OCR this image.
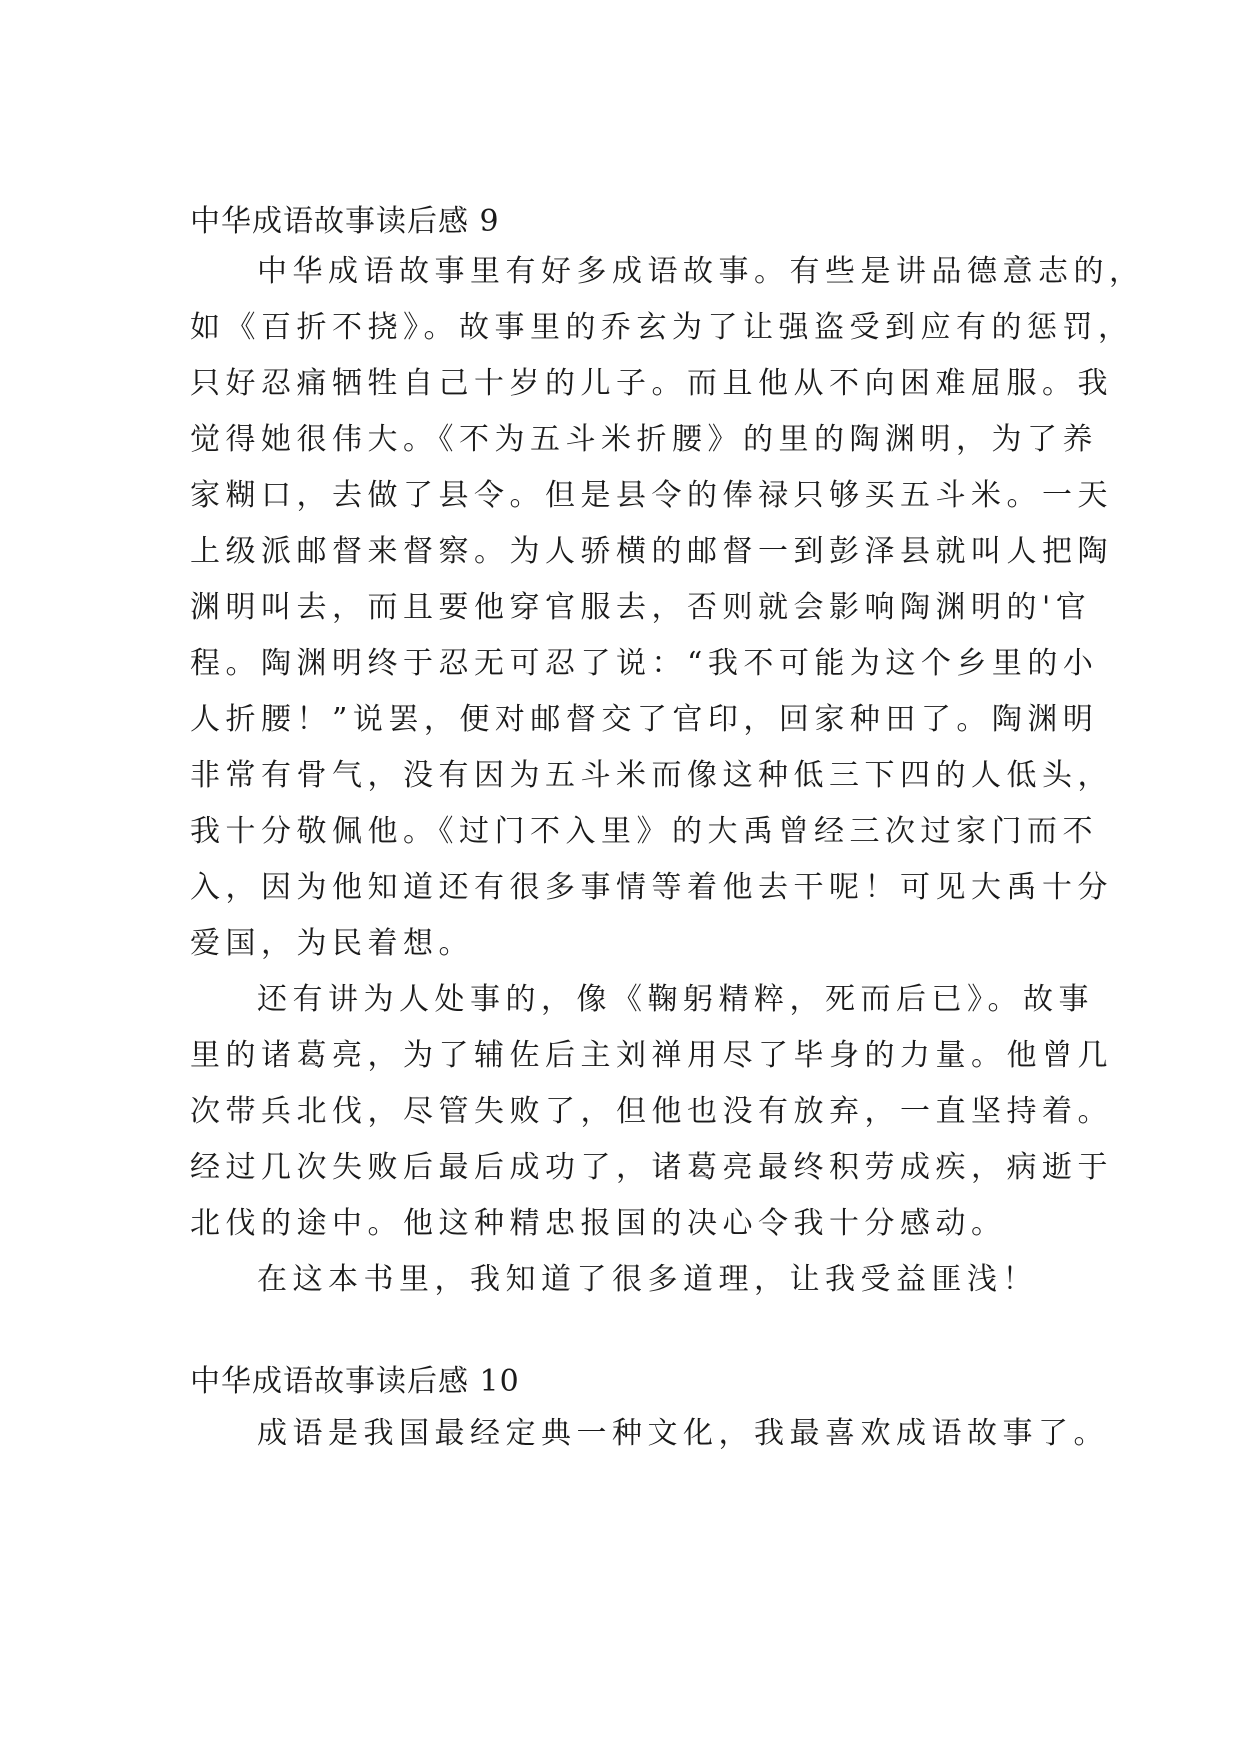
中华成语故事读后感 9
中华成语故事里有好多成语故事。有些是讲品德意志的，
如《百折不挠》。故事里的乔玄为了让强盗受到应有的惩罚，
只好忍痛牺牲自己十岁的儿子。而且他从不向困难屈服。我
觉得她很伟大。《不为五斗米折腰》的里的陶渊明，为了养
家糊口，去做了县令。但是县令的俸禄只够买五斗米。一天
上级派邮督来督察。为人骄横的邮督一到彭泽县就叫人把陶
渊明叫去，而且要他穿官服去，否则就会影响陶渊明的'官
程。陶渊明终于忍无可忍了说：“我不可能为这个乡里的小
人折腰！”说罢，便对邮督交了官印，回家种田了。陶渊明
非常有骨气，没有因为五斗米而像这种低三下四的人低头，
我十分敬佩他。《过门不入里》的大禹曾经三次过家门而不
入，因为他知道还有很多事情等着他去干呢！可见大禹十分
爱国，为民着想。
还有讲为人处事的，像《鞠躬精粹，死而后已》。故事
里的诸葛亮，为了辅佐后主刘禅用尽了毕身的力量。他曾几
次带兵北伐，尽管失败了，但他也没有放弃，一直坚持着。
经过几次失败后最后成功了，诸葛亮最终积劳成疾，病逝于
北伐的途中。他这种精忠报国的决心令我十分感动。
在这本书里，我知道了很多道理，让我受益匪浅！
中华成语故事读后感 10
成语是我国最经定典一种文化，我最喜欢成语故事了。
